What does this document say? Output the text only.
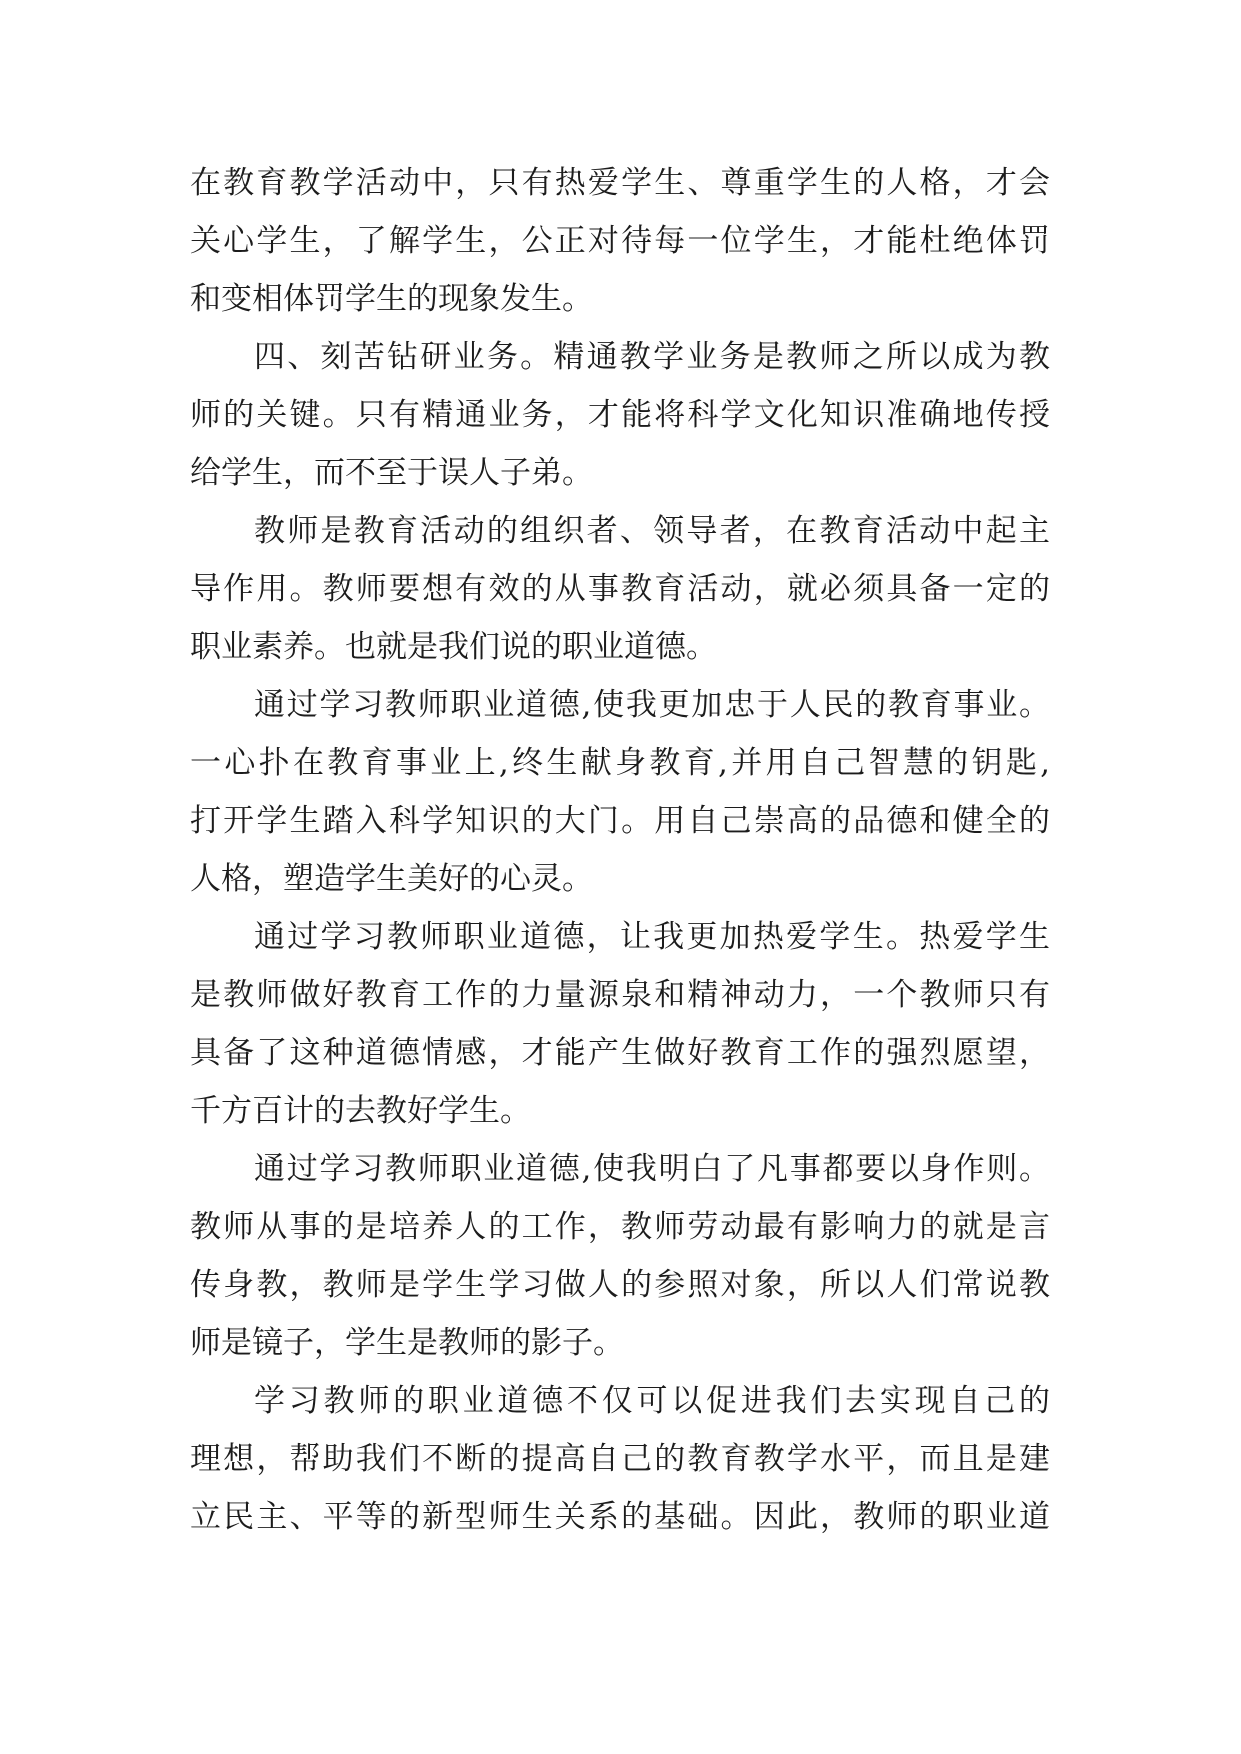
在教育教学活动中，只有热爱学生、尊重学生的人格，才会
关心学生，了解学生，公正对待每一位学生，才能杜绝体罚
和变相体罚学生的现象发生。
四、刻苦钻研业务。精通教学业务是教师之所以成为教
师的关键。只有精通业务，才能将科学文化知识准确地传授
给学生，而不至于误人子弟。
教师是教育活动的组织者、领导者，在教育活动中起主
导作用。教师要想有效的从事教育活动，就必须具备一定的
职业素养。也就是我们说的职业道德。
通过学习教师职业道德,使我更加忠于人民的教育事业。
一心扑在教育事业上,终生献身教育,并用自己智慧的钥匙,
打开学生踏入科学知识的大门。用自己崇高的品德和健全的
人格，塑造学生美好的心灵。
通过学习教师职业道德，让我更加热爱学生。热爱学生
是教师做好教育工作的力量源泉和精神动力，一个教师只有
具备了这种道德情感，才能产生做好教育工作的强烈愿望，
千方百计的去教好学生。
通过学习教师职业道德,使我明白了凡事都要以身作则。
教师从事的是培养人的工作，教师劳动最有影响力的就是言
传身教，教师是学生学习做人的参照对象，所以人们常说教
师是镜子，学生是教师的影子。
学习教师的职业道德不仅可以促进我们去实现自己的
理想，帮助我们不断的提高自己的教育教学水平，而且是建
立民主、平等的新型师生关系的基础。因此，教师的职业道
